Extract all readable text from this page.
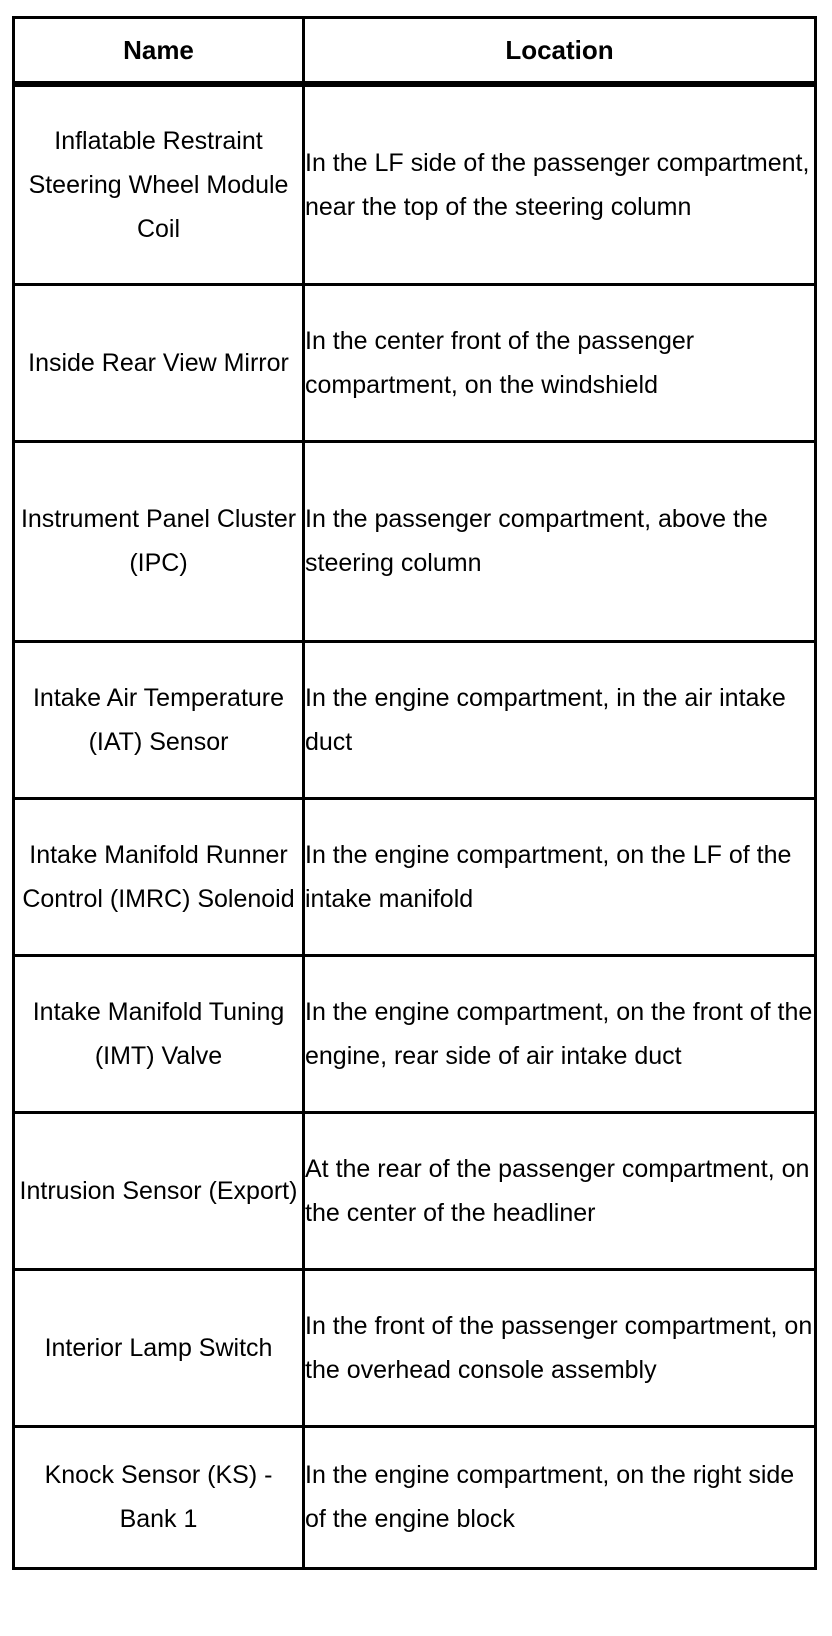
Name	Location
Inflatable Restraint Steering Wheel Module Coil	In the LF side of the passenger compartment, near the top of the steering column
Inside Rear View Mirror	In the center front of the passenger compartment, on the windshield
Instrument Panel Cluster (IPC)	In the passenger compartment, above the steering column
Intake Air Temperature (IAT) Sensor	In the engine compartment, in the air intake duct
Intake Manifold Runner Control (IMRC) Solenoid	In the engine compartment, on the LF of the intake manifold
Intake Manifold Tuning (IMT) Valve	In the engine compartment, on the front of the engine, rear side of air intake duct
Intrusion Sensor (Export)	At the rear of the passenger compartment, on the center of the headliner
Interior Lamp Switch	In the front of the passenger compartment, on the overhead console assembly
Knock Sensor (KS) - Bank 1	In the engine compartment, on the right side of the engine block
